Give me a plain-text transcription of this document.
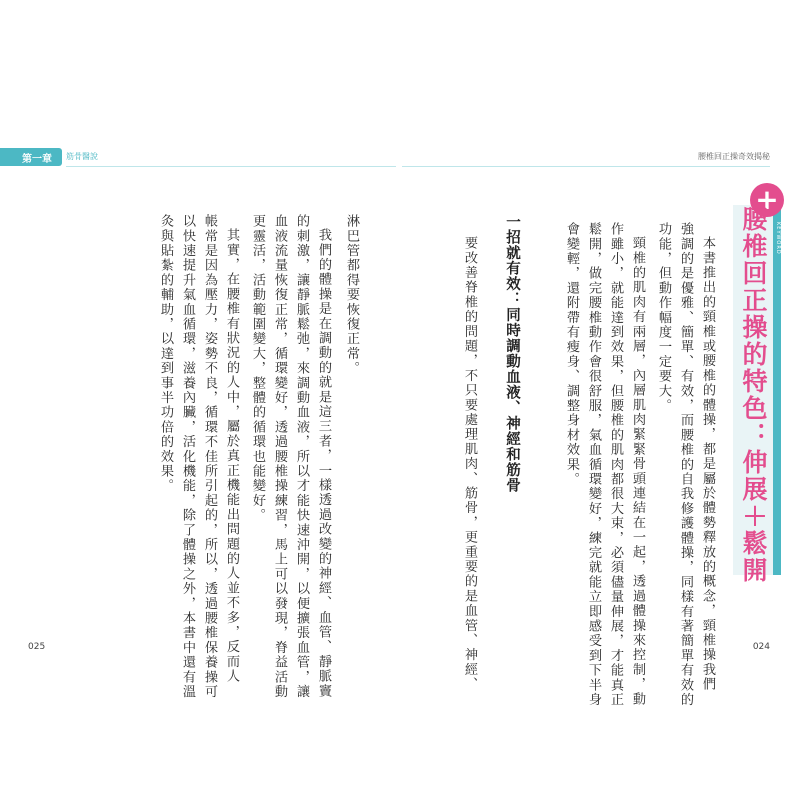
第一章 筋骨醫說	腰椎回正操奇效揭秘
+
腰椎回正操的特色：伸展＋鬆開	KEYWORD
本書推出的頸椎或腰椎的體操，都是屬於體勢釋放的概念，頸椎操我們
強調的是優雅、簡單、有效，而腰椎的自我修護體操，同樣有著簡單有效的
功能，但動作幅度一定要大。
頸椎的肌肉有兩層，內層肌肉緊緊骨頭連結在一起，透過體操來控制，動
作雖小，就能達到效果，但腰椎的肌肉都很大束，必須儘量伸展，才能真正
鬆開，做完腰椎動作會很舒服，氣血循環變好，練完就能立即感受到下半身
會變輕，還附帶有瘦身、調整身材效果。
一招就有效：同時調動血液、神經和筋骨
要改善脊椎的問題，不只要處理肌肉、筋骨，更重要的是血管、神經、
淋巴管都得要恢復正常。
我們的體操是在調動的就是這三者，一樣透過改變的神經、血管、靜脈竇
的刺激，讓靜脈鬆弛，來調動血液，所以才能快速沖開，以便擴張血管，讓
血液流量恢復正常，循環變好，透過腰椎操練習，馬上可以發現，脊益活動
更靈活，活動範圍變大，整體的循環也能變好。
其實，在腰椎有狀況的人中，屬於真正機能出問題的人並不多，反而人
帳常是因為壓力，姿勢不良，循環不佳所引起的，所以，透過腰椎保養操可
以快速提升氣血循環，滋養內臟，活化機能，除了體操之外，本書中還有溫
灸與貼紮的輔助，以達到事半功倍的效果。
025	024
